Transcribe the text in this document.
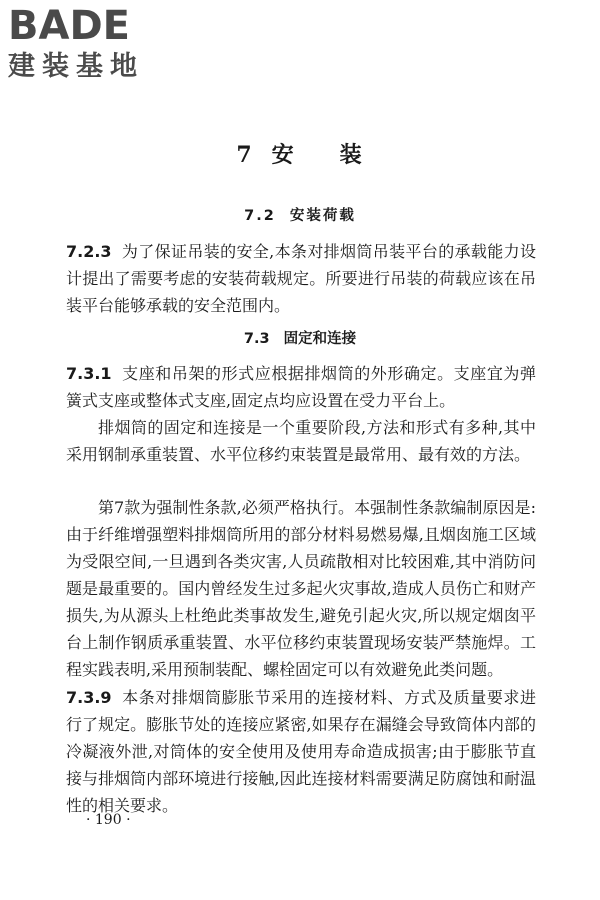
BADE
建装基地
7 安 装
7.2 安装荷载
7.2.3 为了保证吊装的安全,本条对排烟筒吊装平台的承载能力设计提出了需要考虑的安装荷载规定。所要进行吊装的荷载应该在吊装平台能够承载的安全范围内。
7.3 固定和连接
7.3.1 支座和吊架的形式应根据排烟筒的外形确定。支座宜为弹簧式支座或整体式支座,固定点均应设置在受力平台上。
排烟筒的固定和连接是一个重要阶段,方法和形式有多种,其中采用钢制承重装置、水平位移约束装置是最常用、最有效的方法。
第7款为强制性条款,必须严格执行。本强制性条款编制原因是:由于纤维增强塑料排烟筒所用的部分材料易燃易爆,且烟囱施工区域为受限空间,一旦遇到各类灾害,人员疏散相对比较困难,其中消防问题是最重要的。国内曾经发生过多起火灾事故,造成人员伤亡和财产损失,为从源头上杜绝此类事故发生,避免引起火灾,所以规定烟囱平台上制作钢质承重装置、水平位移约束装置现场安装严禁施焊。工程实践表明,采用预制装配、螺栓固定可以有效避免此类问题。
7.3.9 本条对排烟筒膨胀节采用的连接材料、方式及质量要求进行了规定。膨胀节处的连接应紧密,如果存在漏缝会导致筒体内部的冷凝液外泄,对筒体的安全使用及使用寿命造成损害;由于膨胀节直接与排烟筒内部环境进行接触,因此连接材料需要满足防腐蚀和耐温性的相关要求。
· 190 ·
